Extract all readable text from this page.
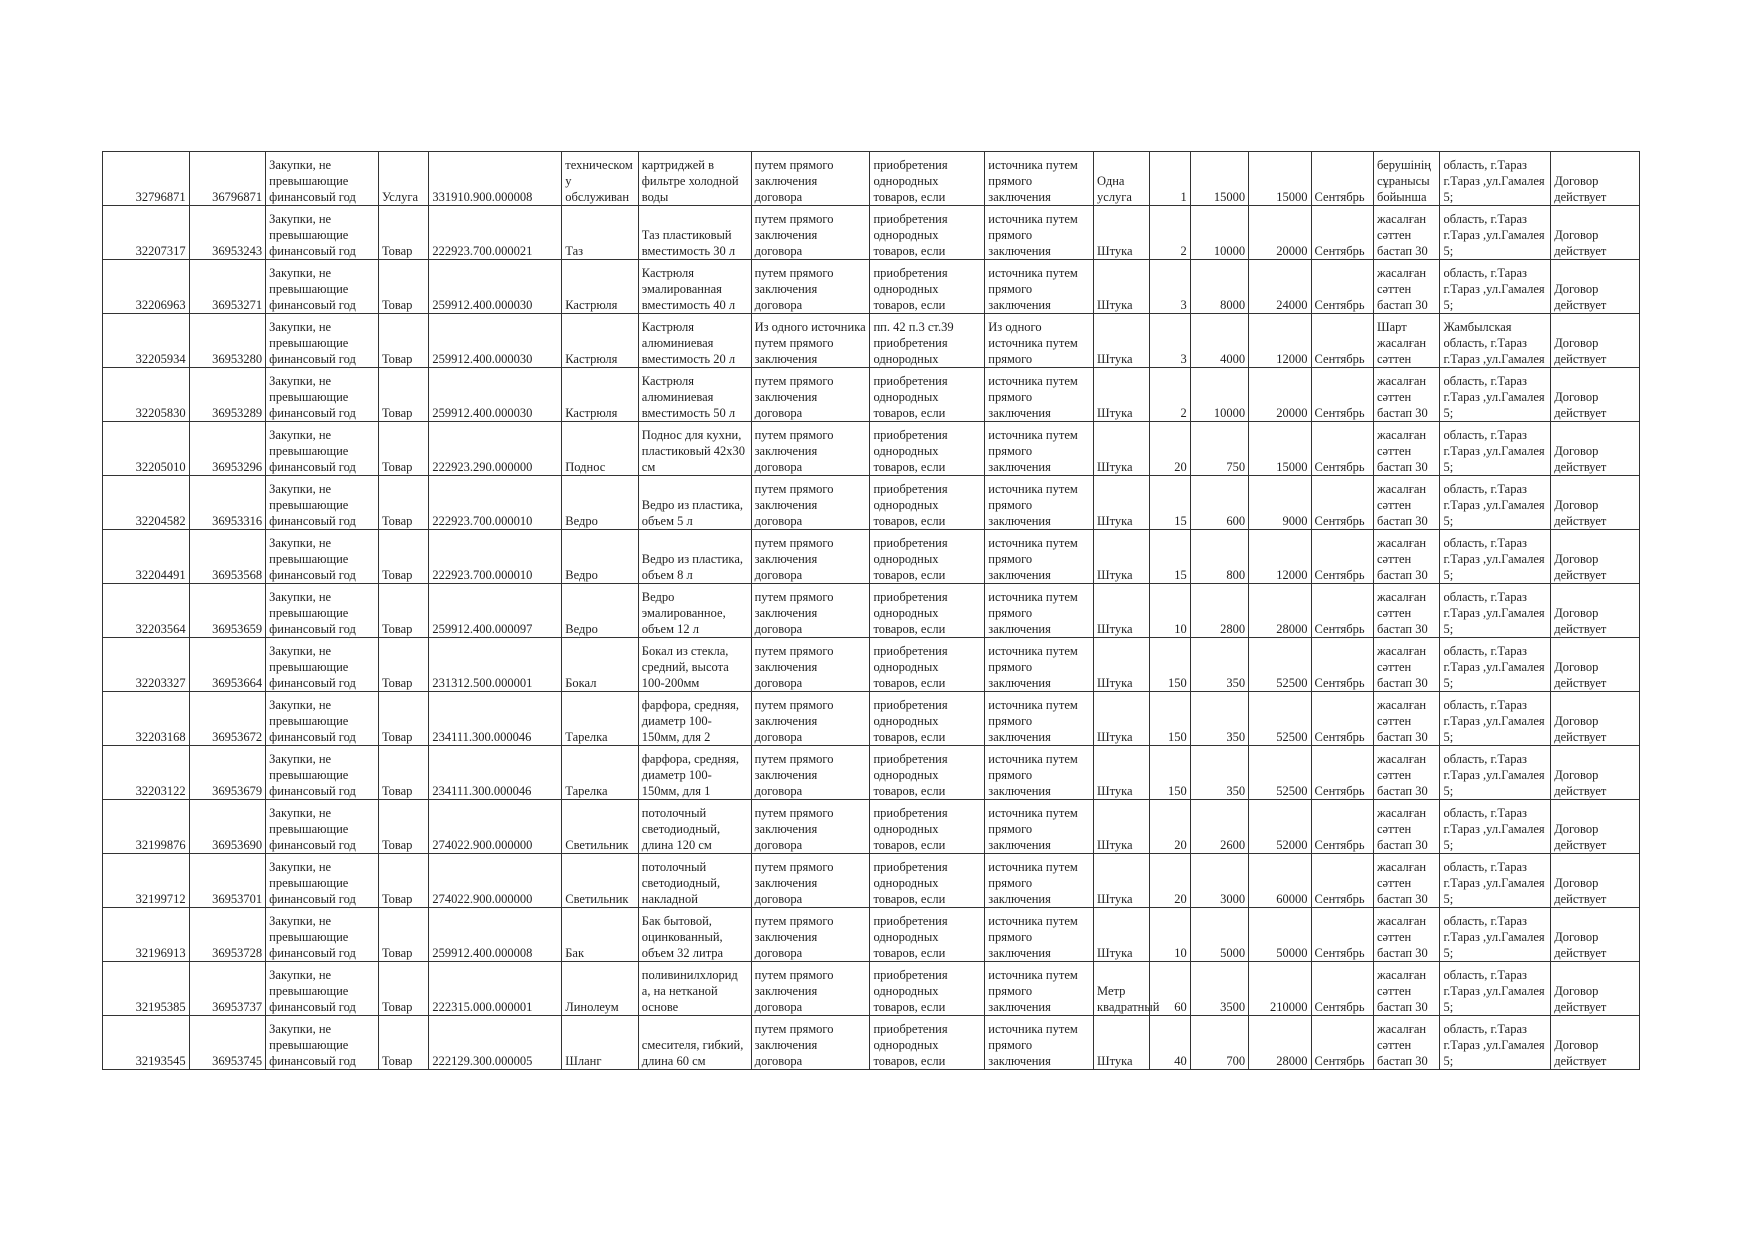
32796871	36796871	Закупки, не превышающие финансовый год	Услуга	331910.900.000008	техническом у обслуживан	картриджей в фильтре холодной воды	путем прямого заключения договора	приобретения однородных товаров, если	источника путем прямого заключения	Одна услуга	1	15000	15000	Сентябрь	берушінің сұранысы бойынша	область, г.Тараз г.Тараз ,ул.Гамалея 5;	Договор действует
32207317	36953243	Закупки, не превышающие финансовый год	Товар	222923.700.000021	Таз	Таз пластиковый вместимость 30 л	путем прямого заключения договора	приобретения однородных товаров, если	источника путем прямого заключения	Штука	2	10000	20000	Сентябрь	жасалған сәттен бастап 30	область, г.Тараз г.Тараз ,ул.Гамалея 5;	Договор действует
32206963	36953271	Закупки, не превышающие финансовый год	Товар	259912.400.000030	Кастрюля	Кастрюля эмалированная вместимость 40 л	путем прямого заключения договора	приобретения однородных товаров, если	источника путем прямого заключения	Штука	3	8000	24000	Сентябрь	жасалған сәттен бастап 30	область, г.Тараз г.Тараз ,ул.Гамалея 5;	Договор действует
32205934	36953280	Закупки, не превышающие финансовый год	Товар	259912.400.000030	Кастрюля	Кастрюля алюминиевая вместимость 20 л	Из одного источника путем прямого заключения	пп. 42 п.3 ст.39 приобретения однородных	Из одного источника путем прямого	Штука	3	4000	12000	Сентябрь	Шарт жасалған сәттен	Жамбылская область, г.Тараз г.Тараз ,ул.Гамалея	Договор действует
32205830	36953289	Закупки, не превышающие финансовый год	Товар	259912.400.000030	Кастрюля	Кастрюля алюминиевая вместимость 50 л	путем прямого заключения договора	приобретения однородных товаров, если	источника путем прямого заключения	Штука	2	10000	20000	Сентябрь	жасалған сәттен бастап 30	область, г.Тараз г.Тараз ,ул.Гамалея 5;	Договор действует
32205010	36953296	Закупки, не превышающие финансовый год	Товар	222923.290.000000	Поднос	Поднос для кухни, пластиковый 42х30 см	путем прямого заключения договора	приобретения однородных товаров, если	источника путем прямого заключения	Штука	20	750	15000	Сентябрь	жасалған сәттен бастап 30	область, г.Тараз г.Тараз ,ул.Гамалея 5;	Договор действует
32204582	36953316	Закупки, не превышающие финансовый год	Товар	222923.700.000010	Ведро	Ведро из пластика, объем 5 л	путем прямого заключения договора	приобретения однородных товаров, если	источника путем прямого заключения	Штука	15	600	9000	Сентябрь	жасалған сәттен бастап 30	область, г.Тараз г.Тараз ,ул.Гамалея 5;	Договор действует
32204491	36953568	Закупки, не превышающие финансовый год	Товар	222923.700.000010	Ведро	Ведро из пластика, объем 8 л	путем прямого заключения договора	приобретения однородных товаров, если	источника путем прямого заключения	Штука	15	800	12000	Сентябрь	жасалған сәттен бастап 30	область, г.Тараз г.Тараз ,ул.Гамалея 5;	Договор действует
32203564	36953659	Закупки, не превышающие финансовый год	Товар	259912.400.000097	Ведро	Ведро эмалированное, объем 12 л	путем прямого заключения договора	приобретения однородных товаров, если	источника путем прямого заключения	Штука	10	2800	28000	Сентябрь	жасалған сәттен бастап 30	область, г.Тараз г.Тараз ,ул.Гамалея 5;	Договор действует
32203327	36953664	Закупки, не превышающие финансовый год	Товар	231312.500.000001	Бокал	Бокал из стекла, средний, высота 100-200мм	путем прямого заключения договора	приобретения однородных товаров, если	источника путем прямого заключения	Штука	150	350	52500	Сентябрь	жасалған сәттен бастап 30	область, г.Тараз г.Тараз ,ул.Гамалея 5;	Договор действует
32203168	36953672	Закупки, не превышающие финансовый год	Товар	234111.300.000046	Тарелка	фарфора, средняя, диаметр 100-150мм, для 2	путем прямого заключения договора	приобретения однородных товаров, если	источника путем прямого заключения	Штука	150	350	52500	Сентябрь	жасалған сәттен бастап 30	область, г.Тараз г.Тараз ,ул.Гамалея 5;	Договор действует
32203122	36953679	Закупки, не превышающие финансовый год	Товар	234111.300.000046	Тарелка	фарфора, средняя, диаметр 100-150мм, для 1	путем прямого заключения договора	приобретения однородных товаров, если	источника путем прямого заключения	Штука	150	350	52500	Сентябрь	жасалған сәттен бастап 30	область, г.Тараз г.Тараз ,ул.Гамалея 5;	Договор действует
32199876	36953690	Закупки, не превышающие финансовый год	Товар	274022.900.000000	Светильник	потолочный светодиодный, длина 120 см	путем прямого заключения договора	приобретения однородных товаров, если	источника путем прямого заключения	Штука	20	2600	52000	Сентябрь	жасалған сәттен бастап 30	область, г.Тараз г.Тараз ,ул.Гамалея 5;	Договор действует
32199712	36953701	Закупки, не превышающие финансовый год	Товар	274022.900.000000	Светильник	потолочный светодиодный, накладной	путем прямого заключения договора	приобретения однородных товаров, если	источника путем прямого заключения	Штука	20	3000	60000	Сентябрь	жасалған сәттен бастап 30	область, г.Тараз г.Тараз ,ул.Гамалея 5;	Договор действует
32196913	36953728	Закупки, не превышающие финансовый год	Товар	259912.400.000008	Бак	Бак бытовой, оцинкованный, объем 32 литра	путем прямого заключения договора	приобретения однородных товаров, если	источника путем прямого заключения	Штука	10	5000	50000	Сентябрь	жасалған сәттен бастап 30	область, г.Тараз г.Тараз ,ул.Гамалея 5;	Договор действует
32195385	36953737	Закупки, не превышающие финансовый год	Товар	222315.000.000001	Линолеум	поливинилхлорид а, на нетканой основе	путем прямого заключения договора	приобретения однородных товаров, если	источника путем прямого заключения	Метр квадратный	60	3500	210000	Сентябрь	жасалған сәттен бастап 30	область, г.Тараз г.Тараз ,ул.Гамалея 5;	Договор действует
32193545	36953745	Закупки, не превышающие финансовый год	Товар	222129.300.000005	Шланг	смесителя, гибкий, длина 60 см	путем прямого заключения договора	приобретения однородных товаров, если	источника путем прямого заключения	Штука	40	700	28000	Сентябрь	жасалған сәттен бастап 30	область, г.Тараз г.Тараз ,ул.Гамалея 5;	Договор действует
